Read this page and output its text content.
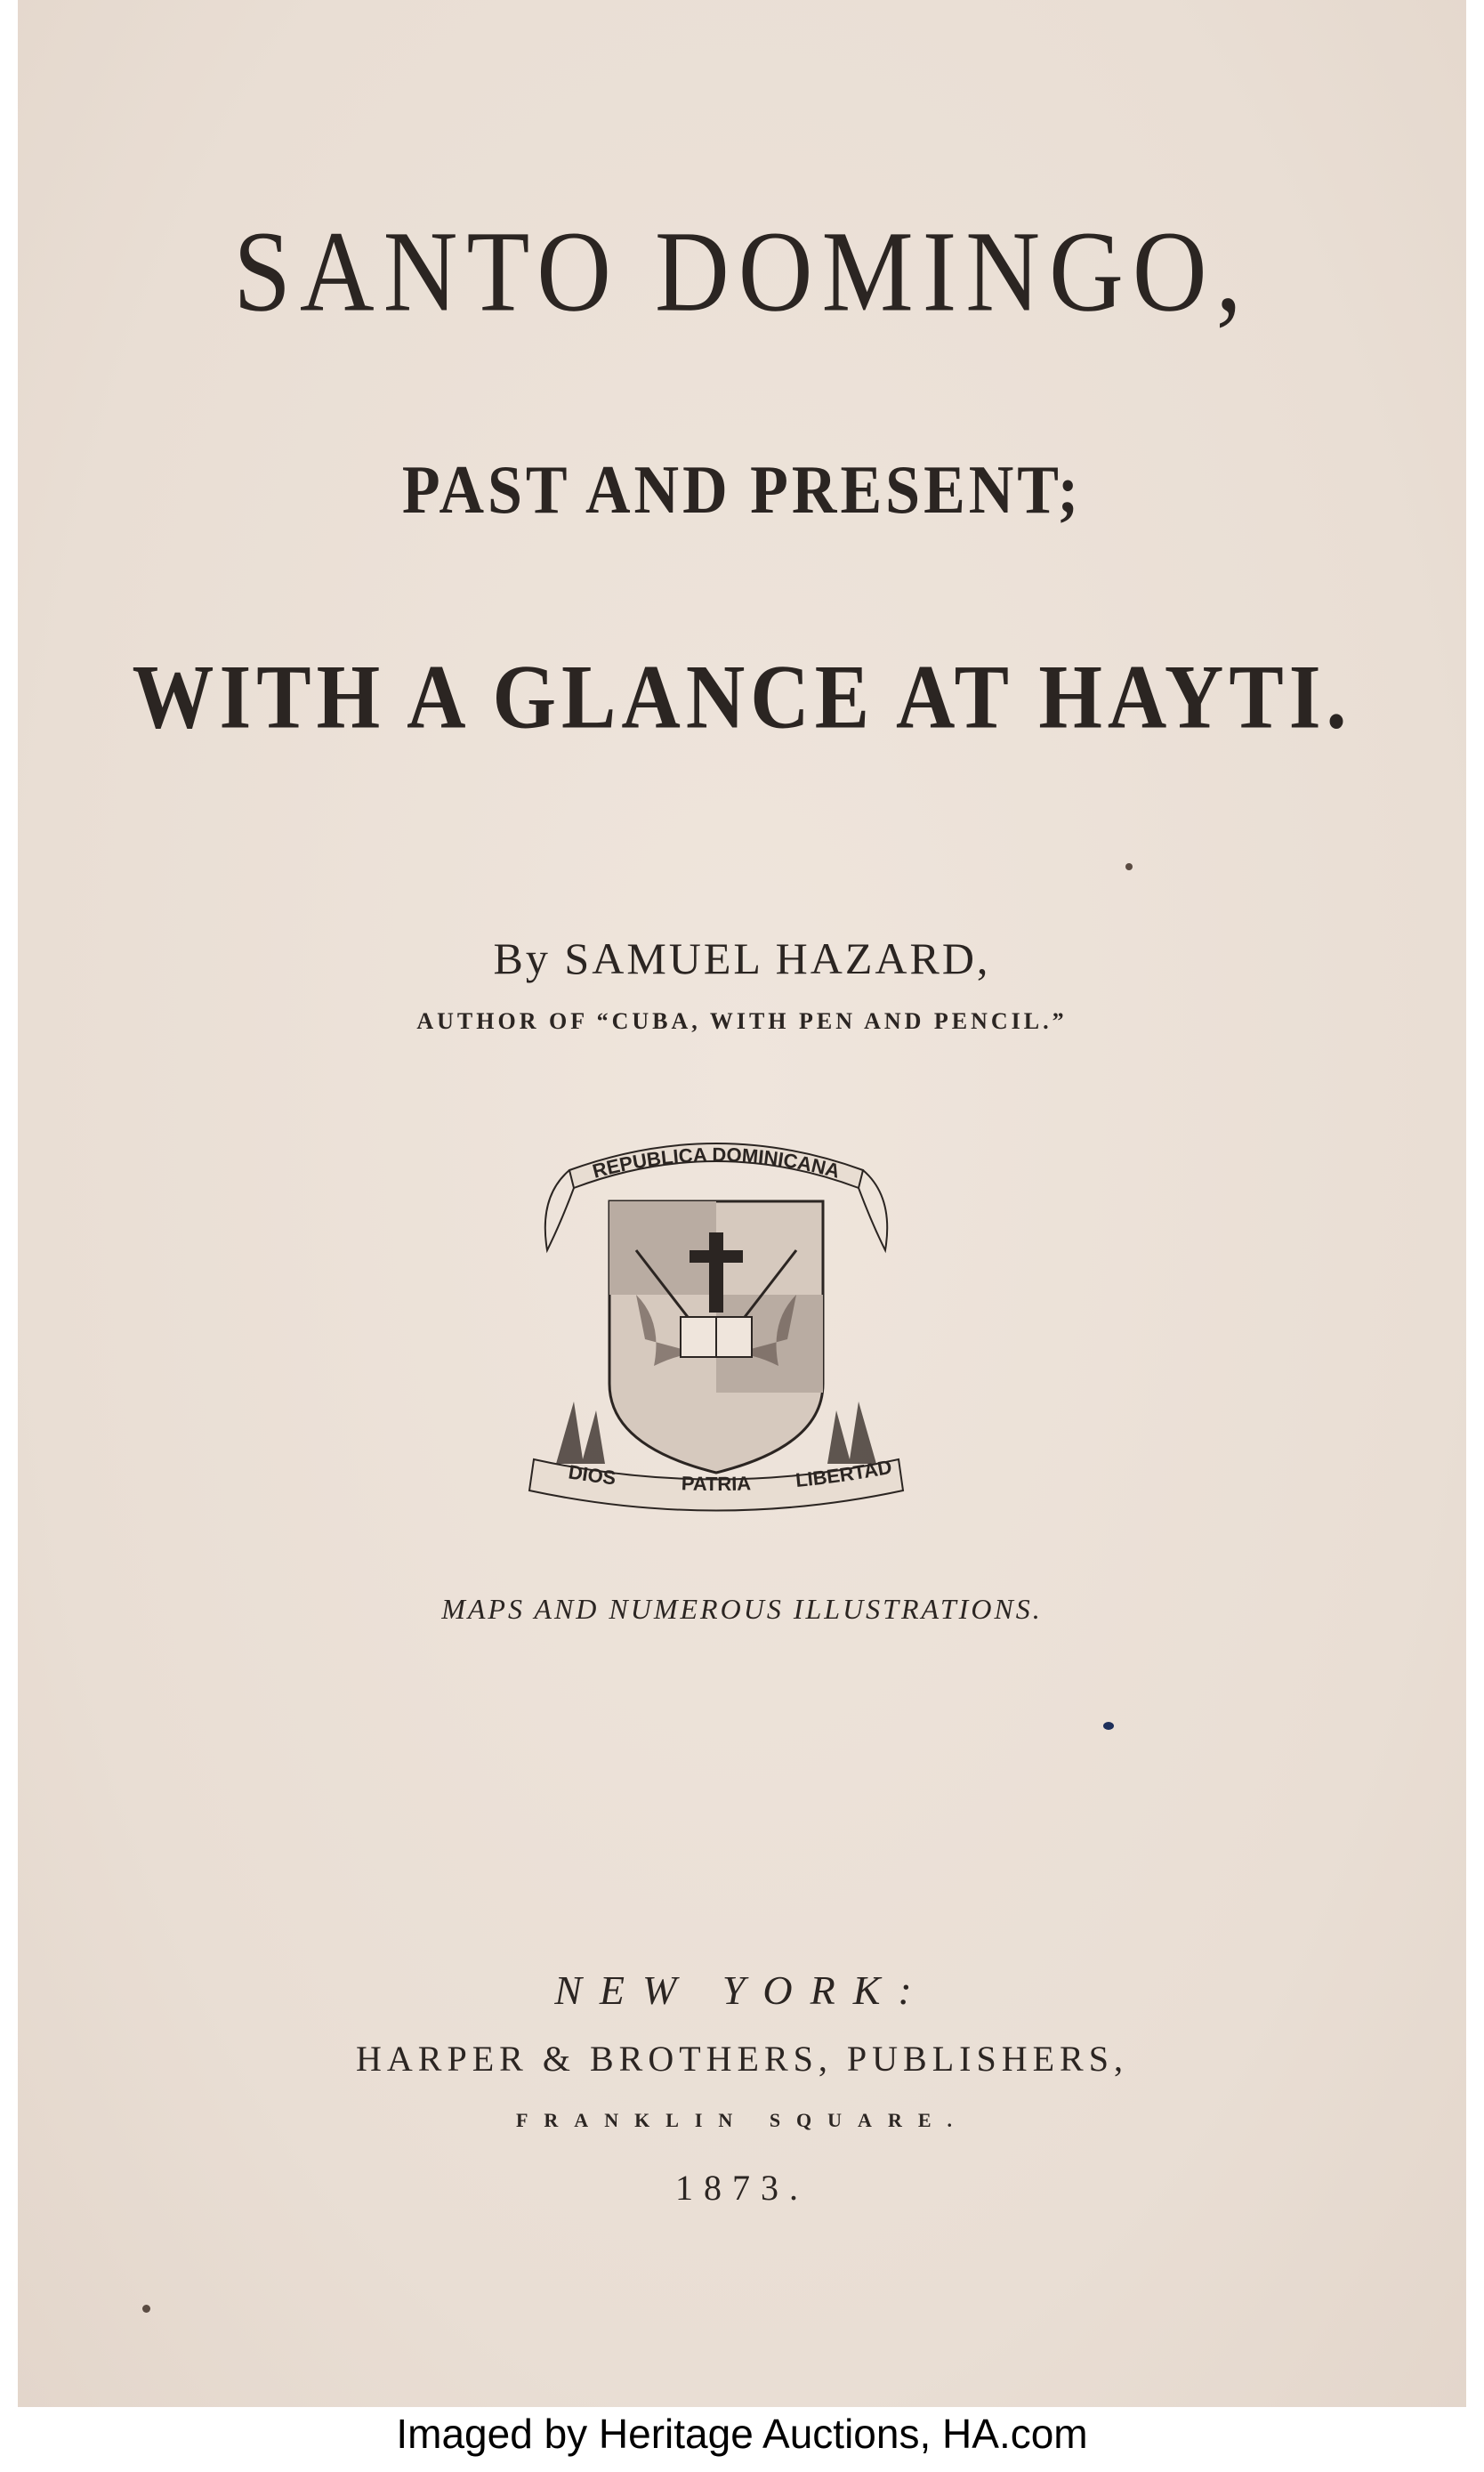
SANTO DOMINGO,
PAST AND PRESENT;
WITH A GLANCE AT HAYTI.
By SAMUEL HAZARD,
AUTHOR OF “CUBA, WITH PEN AND PENCIL.”
REPUBLICA DOMINICANA
DIOS	PATRIA LIBERTAD
MAPS AND NUMEROUS ILLUSTRATIONS.
NEW YORK:
HARPER & BROTHERS, PUBLISHERS,
FRANKLIN SQUARE.
1873.
Imaged by Heritage Auctions, HA.com
